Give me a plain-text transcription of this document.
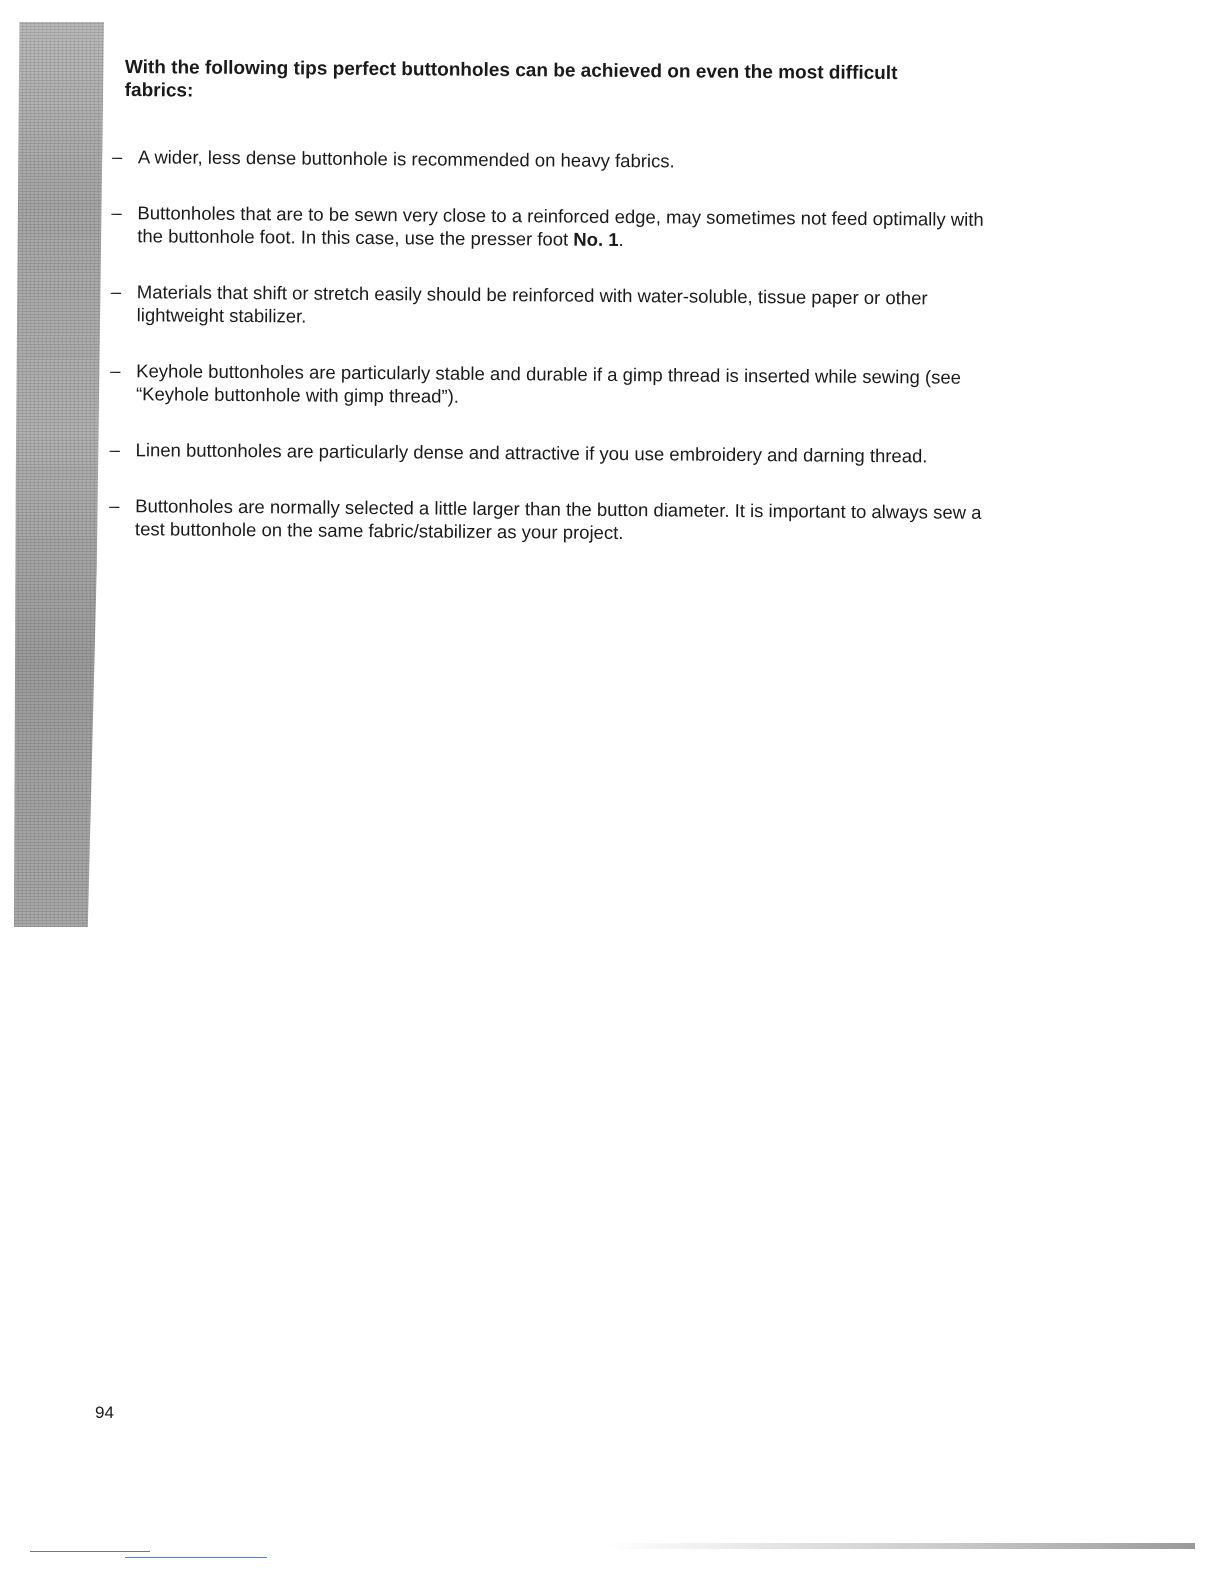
With the following tips perfect buttonholes can be achieved on even the most difficult fabrics:
– A wider, less dense buttonhole is recommended on heavy fabrics.
– Buttonholes that are to be sewn very close to a reinforced edge, may sometimes not feed optimally with the buttonhole foot. In this case, use the presser foot No. 1.
– Materials that shift or stretch easily should be reinforced with water-soluble, tissue paper or other lightweight stabilizer.
– Keyhole buttonholes are particularly stable and durable if a gimp thread is inserted while sewing (see “Keyhole buttonhole with gimp thread”).
– Linen buttonholes are particularly dense and attractive if you use embroidery and darning thread.
– Buttonholes are normally selected a little larger than the button diameter. It is important to always sew a test buttonhole on the same fabric/stabilizer as your project.
94
